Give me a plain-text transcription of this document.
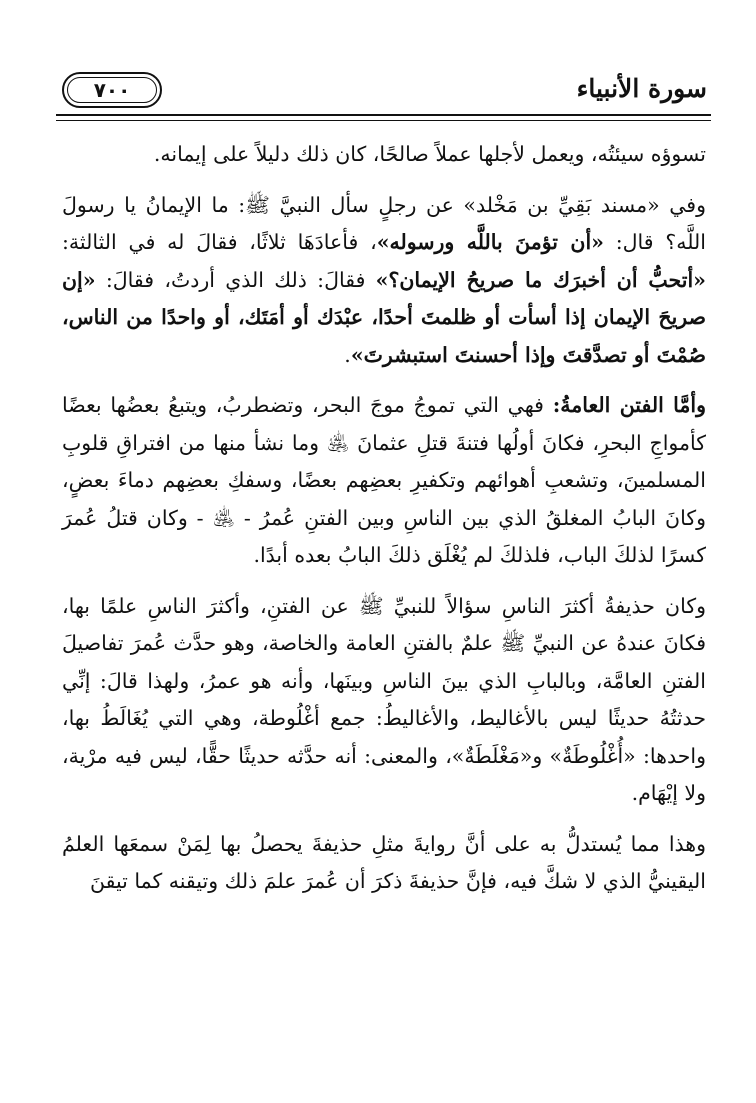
٧٠٠	سورة الأنبياء

تسوؤه سيئتُه، ويعمل لأجلها عملاً صالحًا، كان ذلك دليلاً على إيمانه.

وفي «مسند بَقِيِّ بن مَخْلد» عن رجلٍ سأل النبيَّ ﷺ: ما الإيمانُ يا رسولَ اللَّه؟ قال: «أن تؤمنَ باللَّه ورسوله»، فأعادَهَا ثلاثًا، فقالَ له في الثالثة: «أتحبُّ أن أخبرَك ما صريحُ الإيمان؟» فقالَ: ذلك الذي أردتُ، فقالَ: «إن صريحَ الإيمان إذا أسأت أو ظلمتَ أحدًا، عبْدَك أو أمَتَك، أو واحدًا من الناس، صُمْتَ أو تصدَّقتَ وإذا أحسنتَ استبشرتَ».

وأمَّا الفتن العامةُ: فهي التي تموجُ موجَ البحر، وتضطربُ، ويتبعُ بعضُها بعضًا كأمواجِ البحرِ، فكانَ أولُها فتنةَ قتلِ عثمانَ ﵁ وما نشأ منها من افتراقِ قلوبِ المسلمينَ، وتشعبِ أهوائهم وتكفيرِ بعضِهم بعضًا، وسفكِ بعضِهم دماءَ بعضٍ، وكانَ البابُ المغلقُ الذي بين الناسِ وبين الفتنِ عُمرُ - ﵁ - وكان قتلُ عُمرَ كسرًا لذلكَ الباب، فلذلكَ لم يُغْلَق ذلكَ البابُ بعده أبدًا.

وكان حذيفةُ أكثرَ الناسِ سؤالاً للنبيِّ ﷺ عن الفتنِ، وأكثرَ الناسِ علمًا بها، فكانَ عندهُ عن النبيِّ ﷺ علمٌ بالفتنِ العامة والخاصة، وهو حدَّث عُمرَ تفاصيلَ الفتنِ العامَّة، وبالبابِ الذي بينَ الناسِ وبينَها، وأنه هو عمرُ، ولهذا قالَ: إنِّي حدثتُهُ حديثًا ليس بالأغاليط، والأغاليطُ: جمع أغْلُوطة، وهي التي يُغَالَطُ بها، واحدها: «أُغْلُوطَةٌ» و«مَغْلَطَةٌ»، والمعنى: أنه حدَّثه حديثًا حقًّا، ليس فيه مرْية، ولا إيْهَام.

وهذا مما يُستدلُّ به على أنَّ روايةَ مثلِ حذيفةَ يحصلُ بها لِمَنْ سمعَها العلمُ اليقينيُّ الذي لا شكَّ فيه، فإنَّ حذيفةَ ذكرَ أن عُمرَ علمَ ذلك وتيقنه كما تيقنَ
